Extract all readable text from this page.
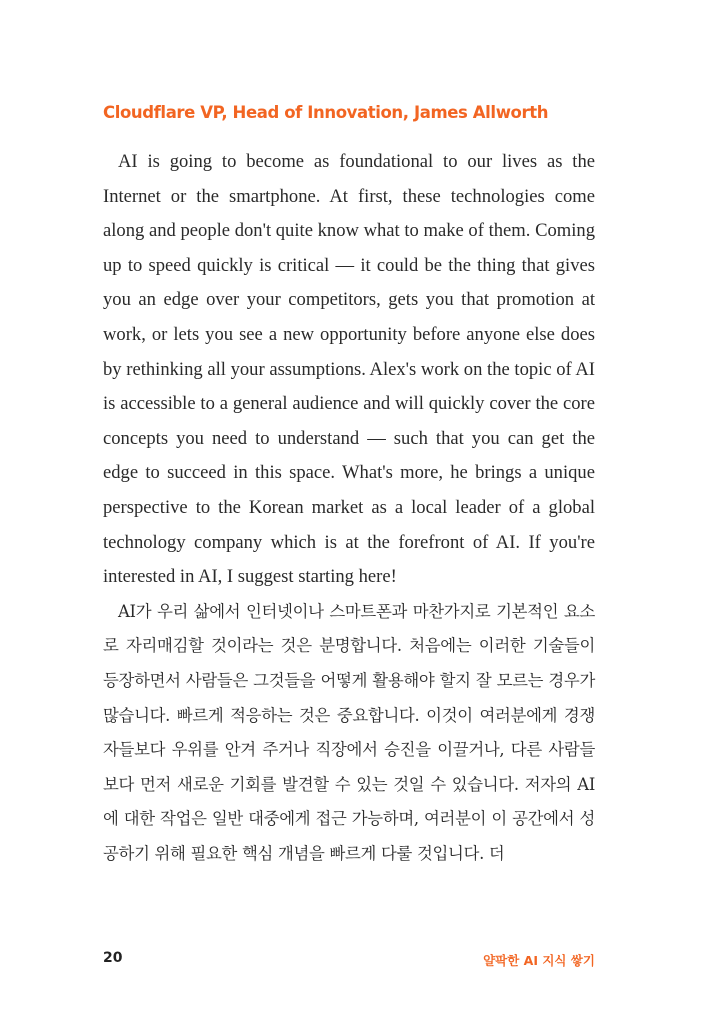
Cloudflare VP, Head of Innovation, James Allworth

AI is going to become as foundational to our lives as the Internet or the smartphone. At first, these technologies come along and people don't quite know what to make of them. Coming up to speed quickly is critical — it could be the thing that gives you an edge over your competitors, gets you that promotion at work, or lets you see a new opportunity before anyone else does by rethinking all your assumptions. Alex's work on the topic of AI is accessible to a general audience and will quickly cover the core concepts you need to understand — such that you can get the edge to succeed in this space. What's more, he brings a unique perspective to the Korean market as a local leader of a global technology company which is at the forefront of AI. If you're interested in AI, I suggest starting here!

AI가 우리 삶에서 인터넷이나 스마트폰과 마찬가지로 기본적인 요소로 자리매김할 것이라는 것은 분명합니다. 처음에는 이러한 기술들이 등장하면서 사람들은 그것들을 어떻게 활용해야 할지 잘 모르는 경우가 많습니다. 빠르게 적응하는 것은 중요합니다. 이것이 여러분에게 경쟁자들보다 우위를 안겨 주거나 직장에서 승진을 이끌거나, 다른 사람들보다 먼저 새로운 기회를 발견할 수 있는 것일 수 있습니다. 저자의 AI에 대한 작업은 일반 대중에게 접근 가능하며, 여러분이 이 공간에서 성공하기 위해 필요한 핵심 개념을 빠르게 다룰 것입니다. 더

20	얄팍한 AI 지식 쌓기
